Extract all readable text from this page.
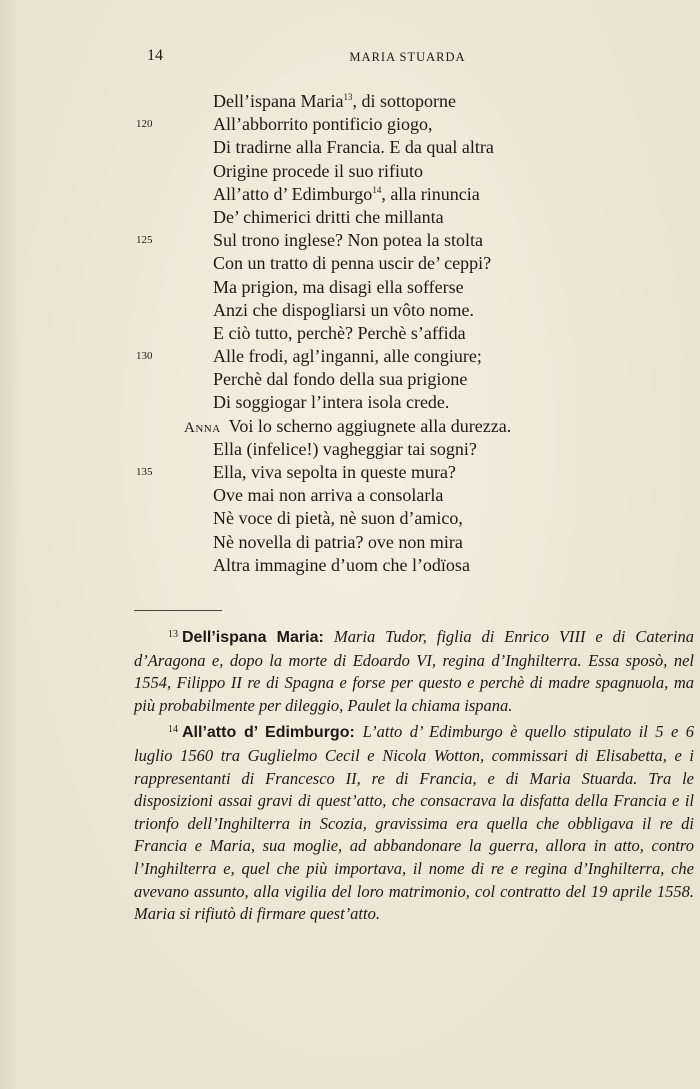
14	MARIA STUARDA
Dell’ispana Maria$^{13}$, di sottoporne
120	All’abborrito pontificio giogo,
Di tradirne alla Francia. E da qual altra
Origine procede il suo rifiuto
All’atto d’ Edimburgo$^{14}$, alla rinuncia
De’ chimerici dritti che millanta
125	Sul trono inglese? Non potea la stolta
Con un tratto di penna uscir de’ ceppi?
Ma prigion, ma disagi ella sofferse
Anzi che dispogliarsi un vôto nome.
E ciò tutto, perchè? Perchè s’affida
130	Alle frodi, agl’inganni, alle congiure;
Perchè dal fondo della sua prigione
Di soggiogar l’intera isola crede.
Anna Voi lo scherno aggiugnete alla durezza.
Ella (infelice!) vagheggiar tai sogni?
135	Ella, viva sepolta in queste mura?
Ove mai non arriva a consolarla
Nè voce di pietà, nè suon d’amico,
Nè novella di patria? ove non mira
Altra immagine d’uom che l’odïosa

$^{13}$ Dell’ispana Maria: Maria Tudor, figlia di Enrico VIII e di Caterina d’Aragona e, dopo la morte di Edoardo VI, regina d’Inghilterra. Essa sposò, nel 1554, Filippo II re di Spagna e forse per questo e perchè di madre spagnuola, ma più probabilmente per dileggio, Paulet la chiama ispana.

$^{14}$ All’atto d’ Edimburgo: L’atto d’ Edimburgo è quello stipulato il 5 e 6 luglio 1560 tra Guglielmo Cecil e Nicola Wotton, commissari di Elisabetta, e i rappresentanti di Francesco II, re di Francia, e di Maria Stuarda. Tra le disposizioni assai gravi di quest’atto, che consacrava la disfatta della Francia e il trionfo dell’Inghilterra in Scozia, gravissima era quella che obbligava il re di Francia e Maria, sua moglie, ad abbandonare la guerra, allora in atto, contro l’Inghilterra e, quel che più importava, il nome di re e regina d’Inghilterra, che avevano assunto, alla vigilia del loro matrimonio, col contratto del 19 aprile 1558. Maria si rifiutò di firmare quest’atto.
